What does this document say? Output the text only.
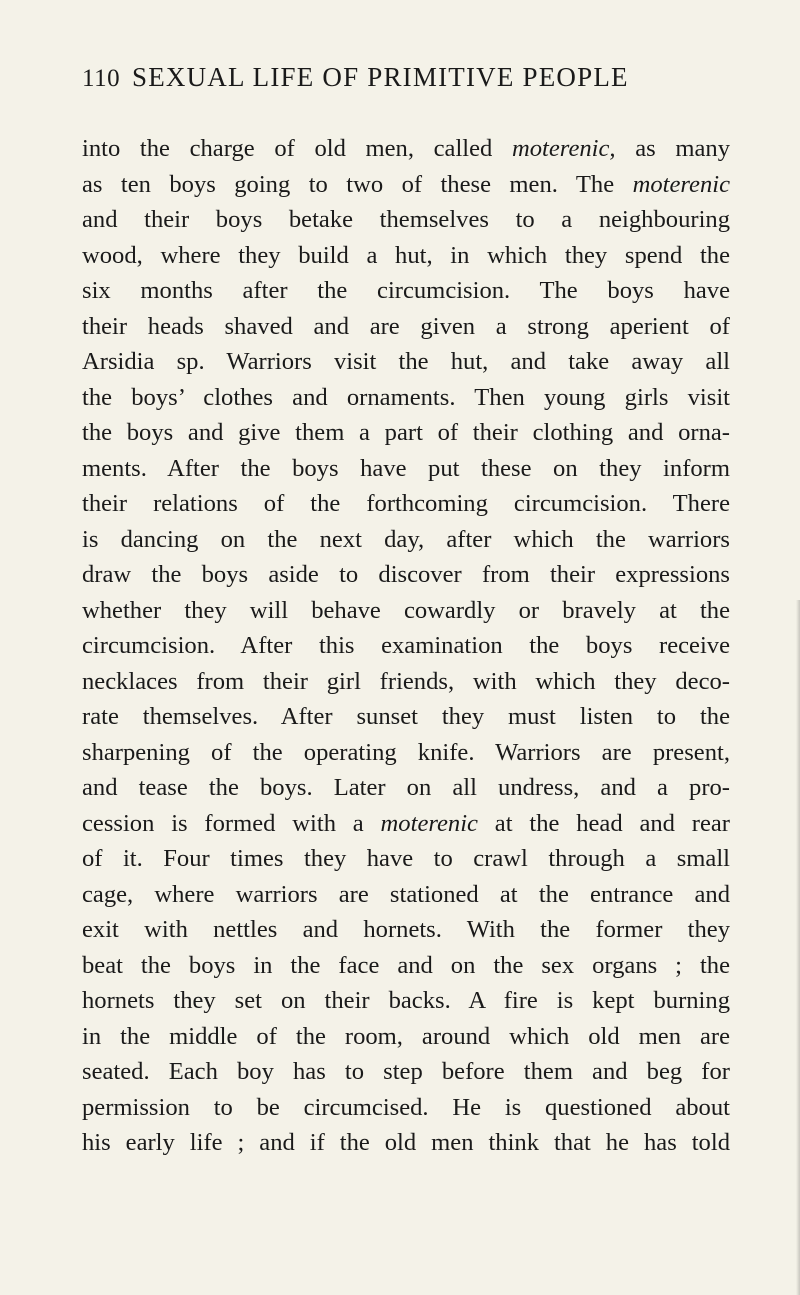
110 SEXUAL LIFE OF PRIMITIVE PEOPLE
into the charge of old men, called moterenic, as many
as ten boys going to two of these men. The moterenic
and their boys betake themselves to a neighbouring
wood, where they build a hut, in which they spend the
six months after the circumcision. The boys have
their heads shaved and are given a strong aperient of
Arsidia sp. Warriors visit the hut, and take away all
the boys’ clothes and ornaments. Then young girls visit
the boys and give them a part of their clothing and orna-
ments. After the boys have put these on they inform
their relations of the forthcoming circumcision. There
is dancing on the next day, after which the warriors
draw the boys aside to discover from their expressions
whether they will behave cowardly or bravely at the
circumcision. After this examination the boys receive
necklaces from their girl friends, with which they deco-
rate themselves. After sunset they must listen to the
sharpening of the operating knife. Warriors are present,
and tease the boys. Later on all undress, and a pro-
cession is formed with a moterenic at the head and rear
of it. Four times they have to crawl through a small
cage, where warriors are stationed at the entrance and
exit with nettles and hornets. With the former they
beat the boys in the face and on the sex organs ; the
hornets they set on their backs. A fire is kept burning
in the middle of the room, around which old men are
seated. Each boy has to step before them and beg for
permission to be circumcised. He is questioned about
his early life ; and if the old men think that he has told
